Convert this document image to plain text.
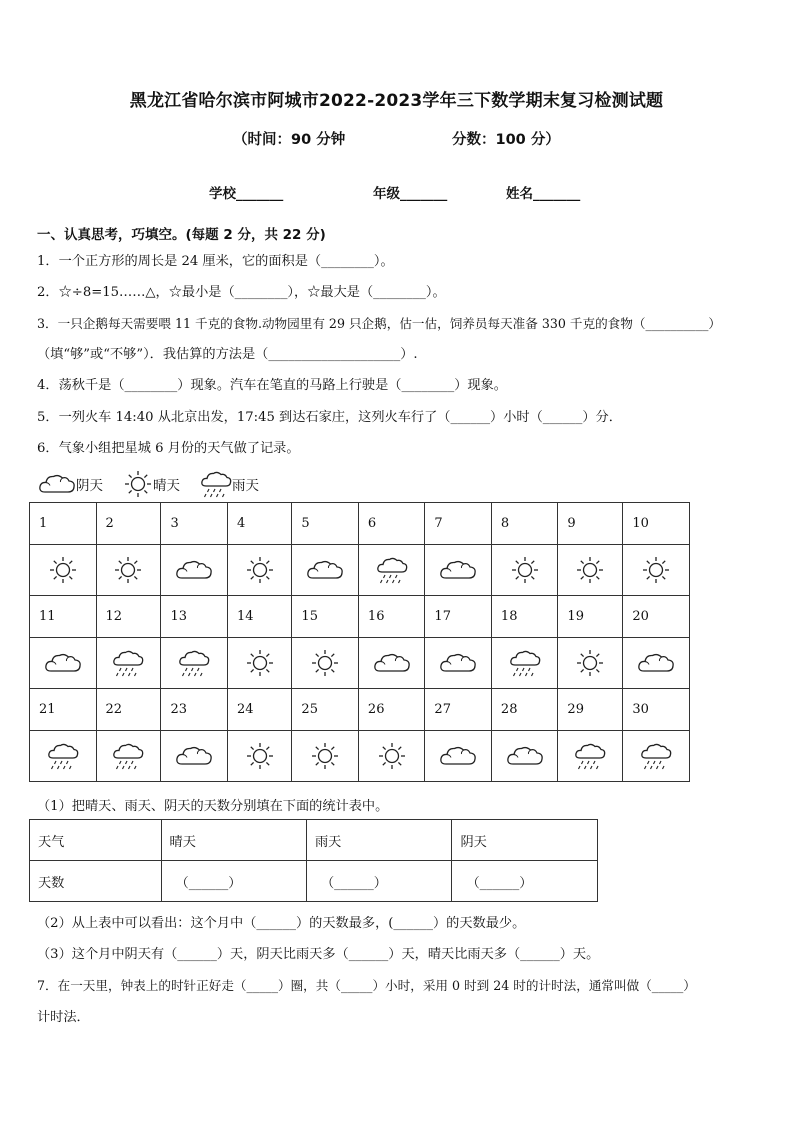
黑龙江省哈尔滨市阿城市2022-2023学年三下数学期末复习检测试题
（时间：90 分钟	分数：100 分）
学校_______	年级_______	姓名_______
一、认真思考，巧填空。(每题 2 分，共 22 分)
1．一个正方形的周长是 24 厘米，它的面积是（________）。
2．☆÷8=15……△，☆最小是（________），☆最大是（________）。
3．一只企鹅每天需要喂 11 千克的食物.动物园里有 29 只企鹅，估一估，饲养员每天准备 330 千克的食物（__________）
（填“够”或“不够”）．我估算的方法是（____________________）.
4．荡秋千是（________）现象。汽车在笔直的马路上行驶是（________）现象。
5．一列火车 14:40 从北京出发，17:45 到达石家庄，这列火车行了（______）小时（______）分．
6．气象小组把星城 6 月份的天气做了记录。
阴天	晴天	雨天
1	2	3	4	5	6	7	8	9	10

11	12	13	14	15	16	17	18	19	20

21	22	23	24	25	26	27	28	29	30

（1）把晴天、雨天、阴天的天数分别填在下面的统计表中。
天气	晴天	雨天	阴天
天数	（______）	（______）	（______）
（2）从上表中可以看出：这个月中（______）的天数最多，(______）的天数最少。
（3）这个月中阴天有（______）天，阴天比雨天多（______）天，晴天比雨天多（______）天。
7．在一天里，钟表上的时针正好走（_____）圈，共（_____）小时，采用 0 时到 24 时的计时法，通常叫做（_____）
计时法．
